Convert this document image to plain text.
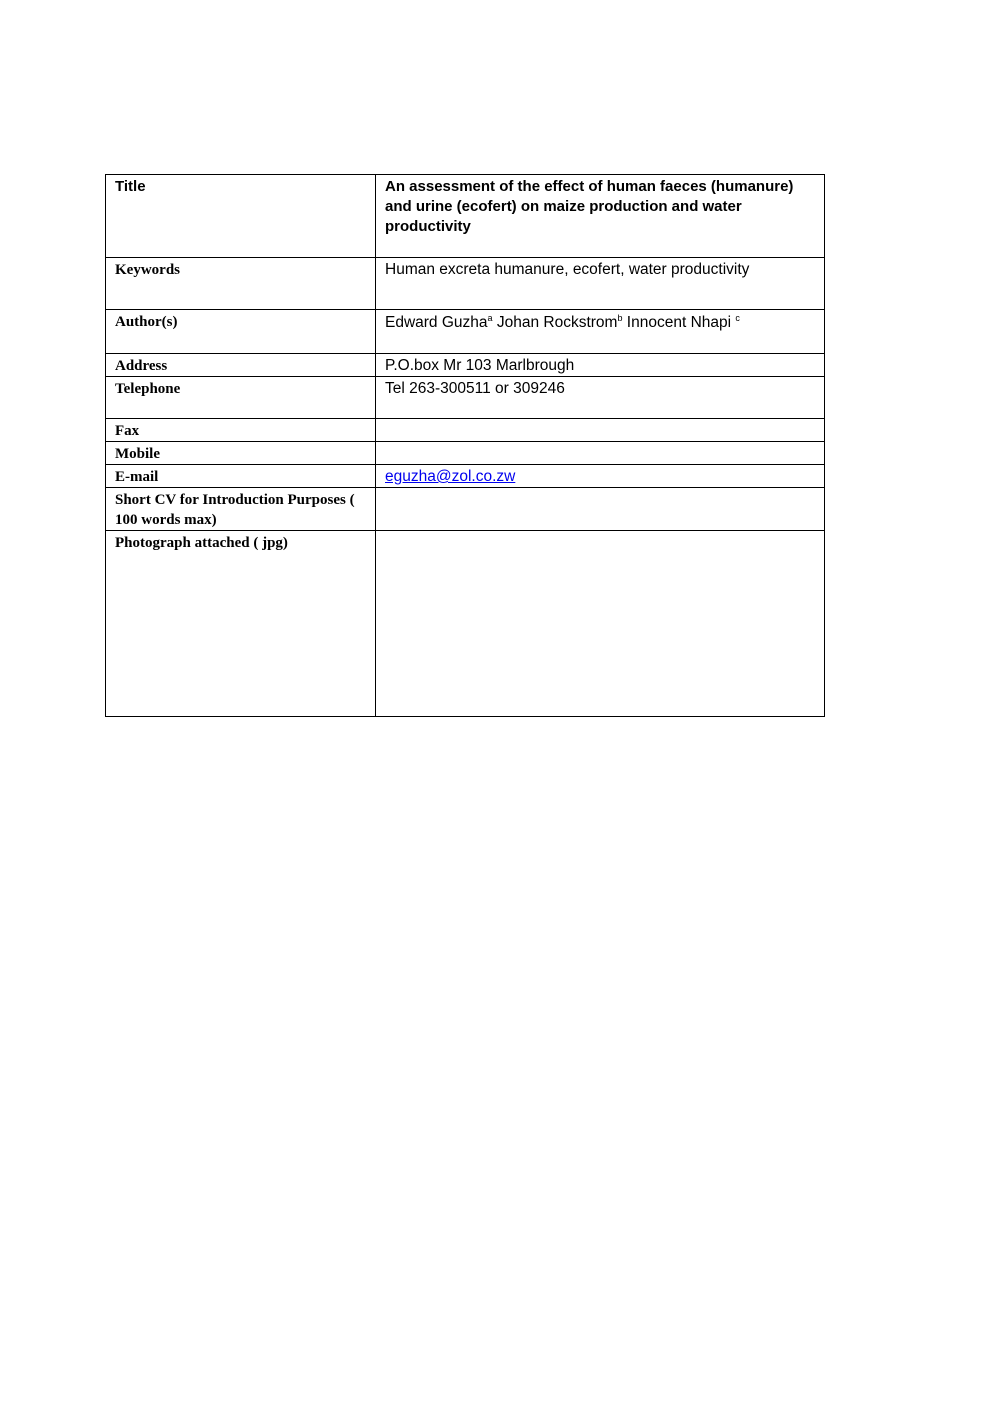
Title	An assessment of the effect of human faeces (humanure) and urine (ecofert) on maize production and water productivity
Keywords	Human excreta humanure, ecofert, water productivity
Author(s)	Edward Guzha$^a$ Johan Rockstrom$^b$ Innocent Nhapi $^c$
Address	P.O.box Mr 103 Marlbrough
Telephone	Tel 263-300511 or 309246
Fax	
Mobile	
E-mail	eguzha@zol.co.zw
Short CV for Introduction Purposes ( 100 words max)	
Photograph attached ( jpg)	
